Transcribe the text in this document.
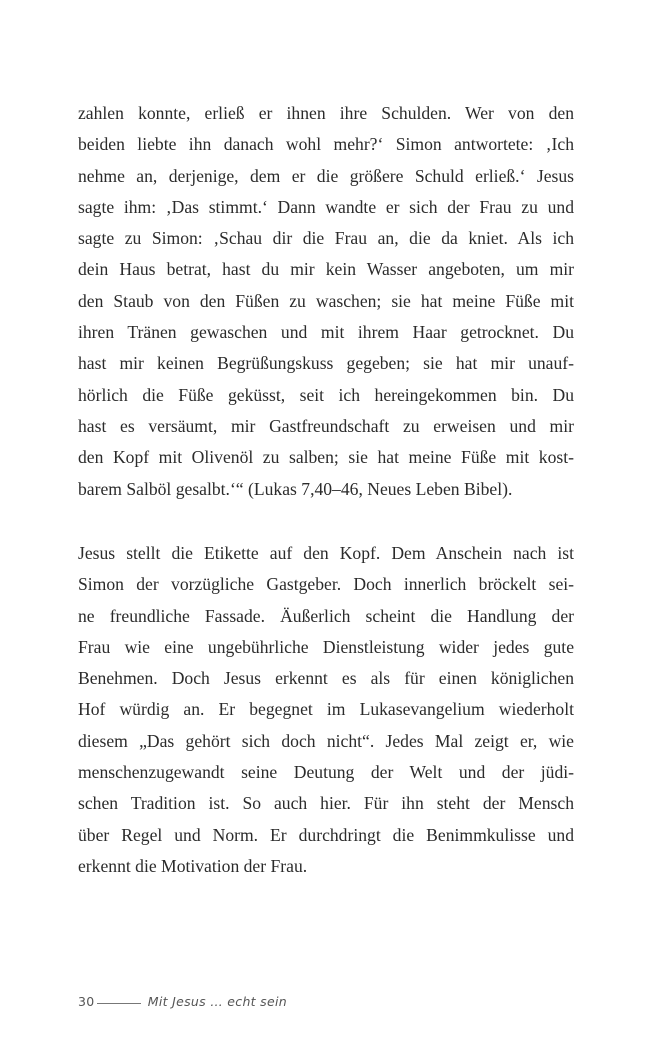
zahlen konnte, erließ er ihnen ihre Schulden. Wer von den
beiden liebte ihn danach wohl mehr?‘ Simon antwortete: ‚Ich
nehme an, derjenige, dem er die größere Schuld erließ.‘ Jesus
sagte ihm: ‚Das stimmt.‘ Dann wandte er sich der Frau zu und
sagte zu Simon: ‚Schau dir die Frau an, die da kniet. Als ich
dein Haus betrat, hast du mir kein Wasser angeboten, um mir
den Staub von den Füßen zu waschen; sie hat meine Füße mit
ihren Tränen gewaschen und mit ihrem Haar getrocknet. Du
hast mir keinen Begrüßungskuss gegeben; sie hat mir unauf-
hörlich die Füße geküsst, seit ich hereingekommen bin. Du
hast es versäumt, mir Gastfreundschaft zu erweisen und mir
den Kopf mit Olivenöl zu salben; sie hat meine Füße mit kost-
barem Salböl gesalbt.‘“ (Lukas 7,40–46, Neues Leben Bibel).
Jesus stellt die Etikette auf den Kopf. Dem Anschein nach ist
Simon der vorzügliche Gastgeber. Doch innerlich bröckelt sei-
ne freundliche Fassade. Äußerlich scheint die Handlung der
Frau wie eine ungebührliche Dienstleistung wider jedes gute
Benehmen. Doch Jesus erkennt es als für einen königlichen
Hof würdig an. Er begegnet im Lukasevangelium wiederholt
diesem „Das gehört sich doch nicht“. Jedes Mal zeigt er, wie
menschenzugewandt seine Deutung der Welt und der jüdi-
schen Tradition ist. So auch hier. Für ihn steht der Mensch
über Regel und Norm. Er durchdringt die Benimmkulisse und
erkennt die Motivation der Frau.
30	Mit Jesus … echt sein
